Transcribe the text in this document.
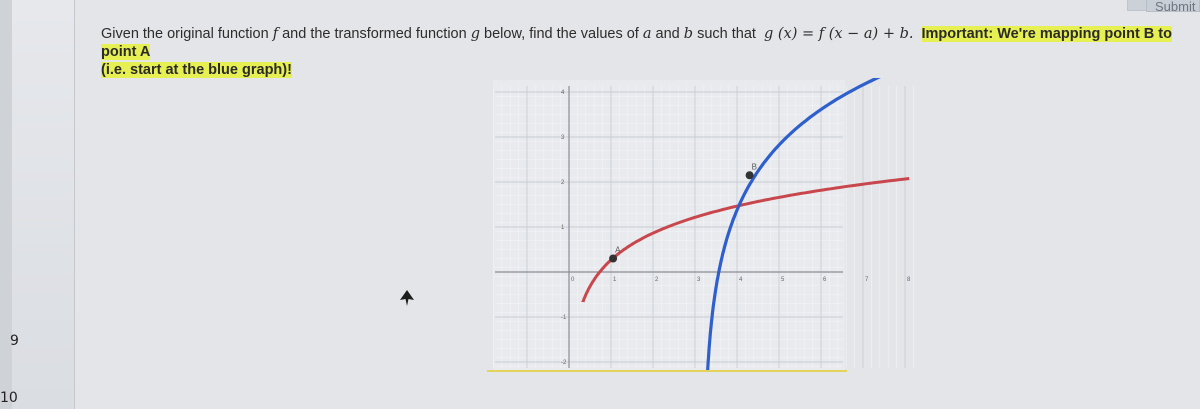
9
10
Submit
Given the original function f and the transformed function g below, find the values of a and b such that g (x) = f (x − a) + b. Important: We're mapping point B to point A
(i.e. start at the blue graph)!
0	1	2	3	4	5	6	7	8
4
3
2
1
-1
-2
A
B
